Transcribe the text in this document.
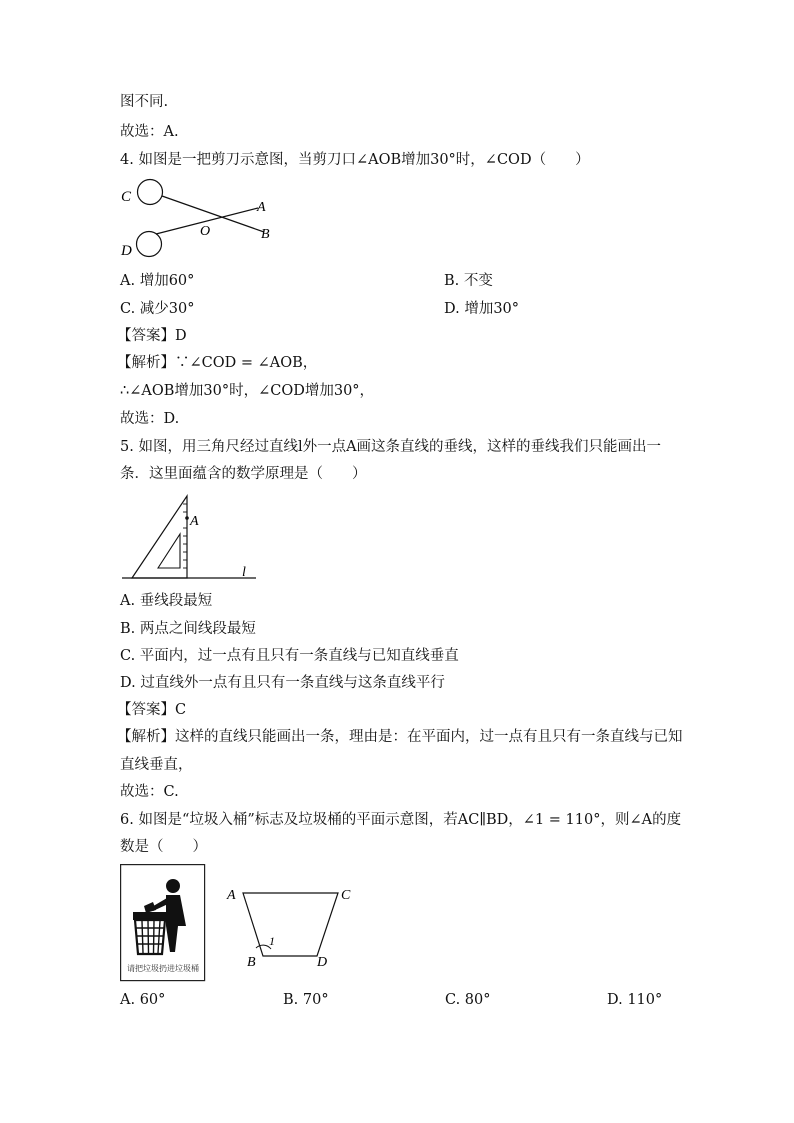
图不同.
故选：A.
4. 如图是一把剪刀示意图，当剪刀口∠AOB增加30°时，∠COD（　　）
C
D
A
B
O
A. 增加60°	B. 不变
C. 减少30°	D. 增加30°
【答案】D
【解析】∵∠COD = ∠AOB，
∴∠AOB增加30°时，∠COD增加30°，
故选：D.
5. 如图，用三角尺经过直线l外一点A画这条直线的垂线，这样的垂线我们只能画出一
条．这里面蕴含的数学原理是（　　）
A
l
A. 垂线段最短
B. 两点之间线段最短
C. 平面内，过一点有且只有一条直线与已知直线垂直
D. 过直线外一点有且只有一条直线与这条直线平行
【答案】C
【解析】这样的直线只能画出一条，理由是：在平面内，过一点有且只有一条直线与已知
直线垂直，
故选：C.
6. 如图是“垃圾入桶”标志及垃圾桶的平面示意图，若AC∥BD，∠1 = 110°，则∠A的度
数是（　　）
请把垃圾扔进垃圾桶
A	C
B	D
1
A. 60°	B. 70°	C. 80°	D. 110°
